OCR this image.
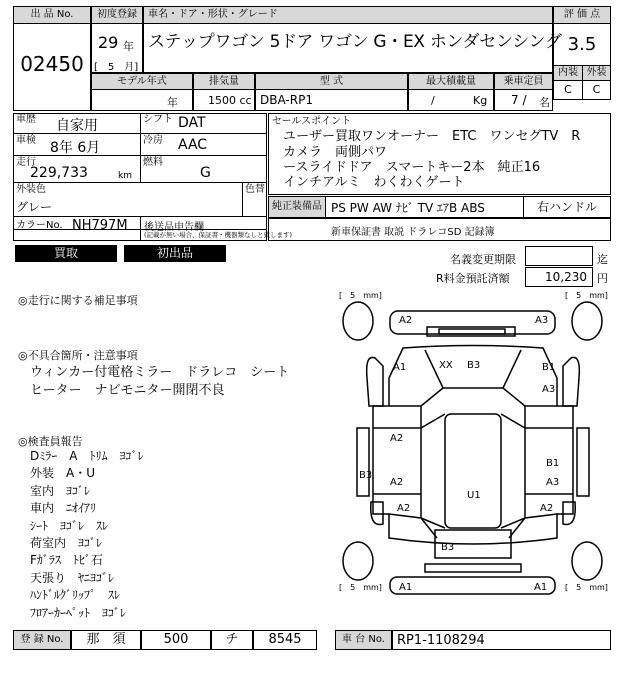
出 品 No.
02450
初度登録
29 年
[　5　月]
車名・ドア・形状・グレード
ステップワゴン 5ドア ワゴン G・EX ホンダセンシング
評 価 点
3.5
内装 外装
C	C
モデル年式	排気量	型 式	最大積載量	乗車定員
年	1500 cc DBA-RP1	/	Kg 7 / 名
車歴 自家用	シフト DAT
車検 8年 6月	冷房 AAC
走行
229,733	km
燃料
G
外装色
グレー
色替
カラーNo. NH797M 後送品申告欄
(記載が無い場合、保証書・機器類なしと致します)
セールスポイント
ユーザー買取ワンオーナー　ETC　ワンセグTV　R
カメラ　両側パワ
ースライドドア　スマートキー2本　純正16
インチアルミ　わくわくゲート
純正装備品 PS PW AW ﾅﾋﾞ TV ｴｱB ABS	右ハンドル
新車保証書 取説 ドラレコSD 記録簿
買取	初出品	名義変更期限	迄
R料金預託済額	10,230 円
◎走行に関する補足事項
◎不具合箇所・注意事項
ウィンカー付電格ミラー　ドラレコ　シート
ヒーター　ナビモニター開閉不良
◎検査員報告
Dﾐﾗｰ　A　ﾄﾘﾑ　ﾖｺﾞﾚ
外装　A・U
室内　ﾖｺﾞﾚ
車内　ﾆｵｲｱﾘ
ｼｰﾄ　ﾖｺﾞﾚ　ｽﾚ
荷室内　ﾖｺﾞﾚ
Fｶﾞﾗｽ　ﾄﾋﾞ石
天張り　ﾔﾆﾖｺﾞﾚ
ﾊﾝﾄﾞﾙｸﾞﾘｯﾌﾟ　ｽﾚ
ﾌﾛｱｰｶｰﾍﾟｯﾄ　ﾖｺﾞﾚ
[　5　mm]	[　5　mm]
[　5　mm]	[　5　mm]
A2	A3
A1	XX B3	B1
A3
A2
B1
B3
A3
A2
U1
A2	A2
B3
A1	A1
登 録 No.	那　須	500	チ	8545	車 台 No. RP1-1108294
